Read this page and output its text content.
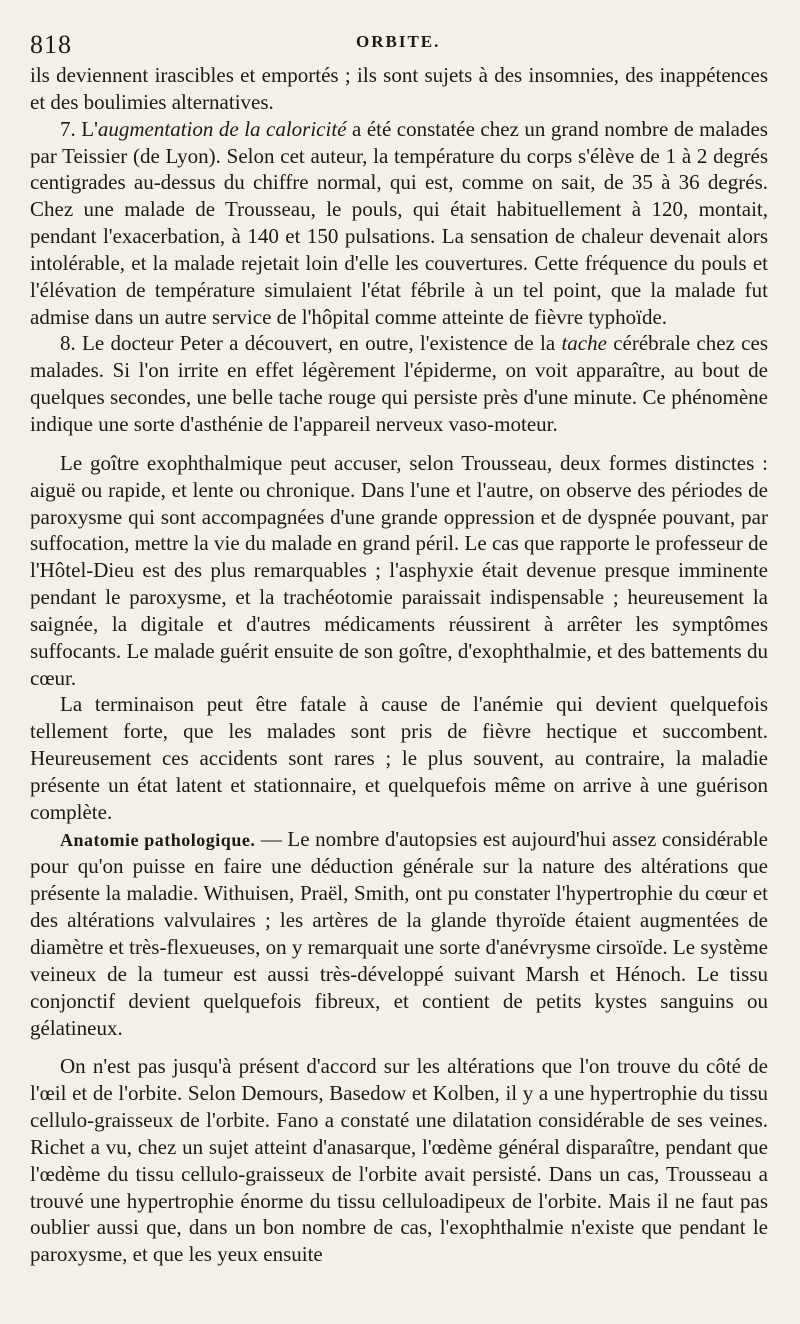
818	ORBITE.

ils deviennent irascibles et emportés ; ils sont sujets à des insomnies, des inappétences et des boulimies alternatives.

7. L'augmentation de la caloricité a été constatée chez un grand nombre de malades par Teissier (de Lyon). Selon cet auteur, la température du corps s'élève de 1 à 2 degrés centigrades au-dessus du chiffre normal, qui est, comme on sait, de 35 à 36 degrés. Chez une malade de Trousseau, le pouls, qui était habituellement à 120, montait, pendant l'exacerbation, à 140 et 150 pulsations. La sensation de chaleur devenait alors intolérable, et la malade rejetait loin d'elle les couvertures. Cette fréquence du pouls et l'élévation de température simulaient l'état fébrile à un tel point, que la malade fut admise dans un autre service de l'hôpital comme atteinte de fièvre typhoïde.

8. Le docteur Peter a découvert, en outre, l'existence de la tache cérébrale chez ces malades. Si l'on irrite en effet légèrement l'épiderme, on voit apparaître, au bout de quelques secondes, une belle tache rouge qui persiste près d'une minute. Ce phénomène indique une sorte d'asthénie de l'appareil nerveux vaso-moteur.

Le goître exophthalmique peut accuser, selon Trousseau, deux formes distinctes : aiguë ou rapide, et lente ou chronique. Dans l'une et l'autre, on observe des périodes de paroxysme qui sont accompagnées d'une grande oppression et de dyspnée pouvant, par suffocation, mettre la vie du malade en grand péril. Le cas que rapporte le professeur de l'Hôtel-Dieu est des plus remarquables ; l'asphyxie était devenue presque imminente pendant le paroxysme, et la trachéotomie paraissait indispensable ; heureusement la saignée, la digitale et d'autres médicaments réussirent à arrêter les symptômes suffocants. Le malade guérit ensuite de son goître, d'exophthalmie, et des battements du cœur.

La terminaison peut être fatale à cause de l'anémie qui devient quelquefois tellement forte, que les malades sont pris de fièvre hectique et succombent. Heureusement ces accidents sont rares ; le plus souvent, au contraire, la maladie présente un état latent et stationnaire, et quelquefois même on arrive à une guérison complète.

Anatomie pathologique. — Le nombre d'autopsies est aujourd'hui assez considérable pour qu'on puisse en faire une déduction générale sur la nature des altérations que présente la maladie. Withuisen, Praël, Smith, ont pu constater l'hypertrophie du cœur et des altérations valvulaires ; les artères de la glande thyroïde étaient augmentées de diamètre et très-flexueuses, on y remarquait une sorte d'anévrysme cirsoïde. Le système veineux de la tumeur est aussi très-développé suivant Marsh et Hénoch. Le tissu conjonctif devient quelquefois fibreux, et contient de petits kystes sanguins ou gélatineux.

On n'est pas jusqu'à présent d'accord sur les altérations que l'on trouve du côté de l'œil et de l'orbite. Selon Demours, Basedow et Kolben, il y a une hypertrophie du tissu cellulo-graisseux de l'orbite. Fano a constaté une dilatation considérable de ses veines. Richet a vu, chez un sujet atteint d'anasarque, l'œdème général disparaître, pendant que l'œdème du tissu cellulo-graisseux de l'orbite avait persisté. Dans un cas, Trousseau a trouvé une hypertrophie énorme du tissu celluloadipeux de l'orbite. Mais il ne faut pas oublier aussi que, dans un bon nombre de cas, l'exophthalmie n'existe que pendant le paroxysme, et que les yeux ensuite
